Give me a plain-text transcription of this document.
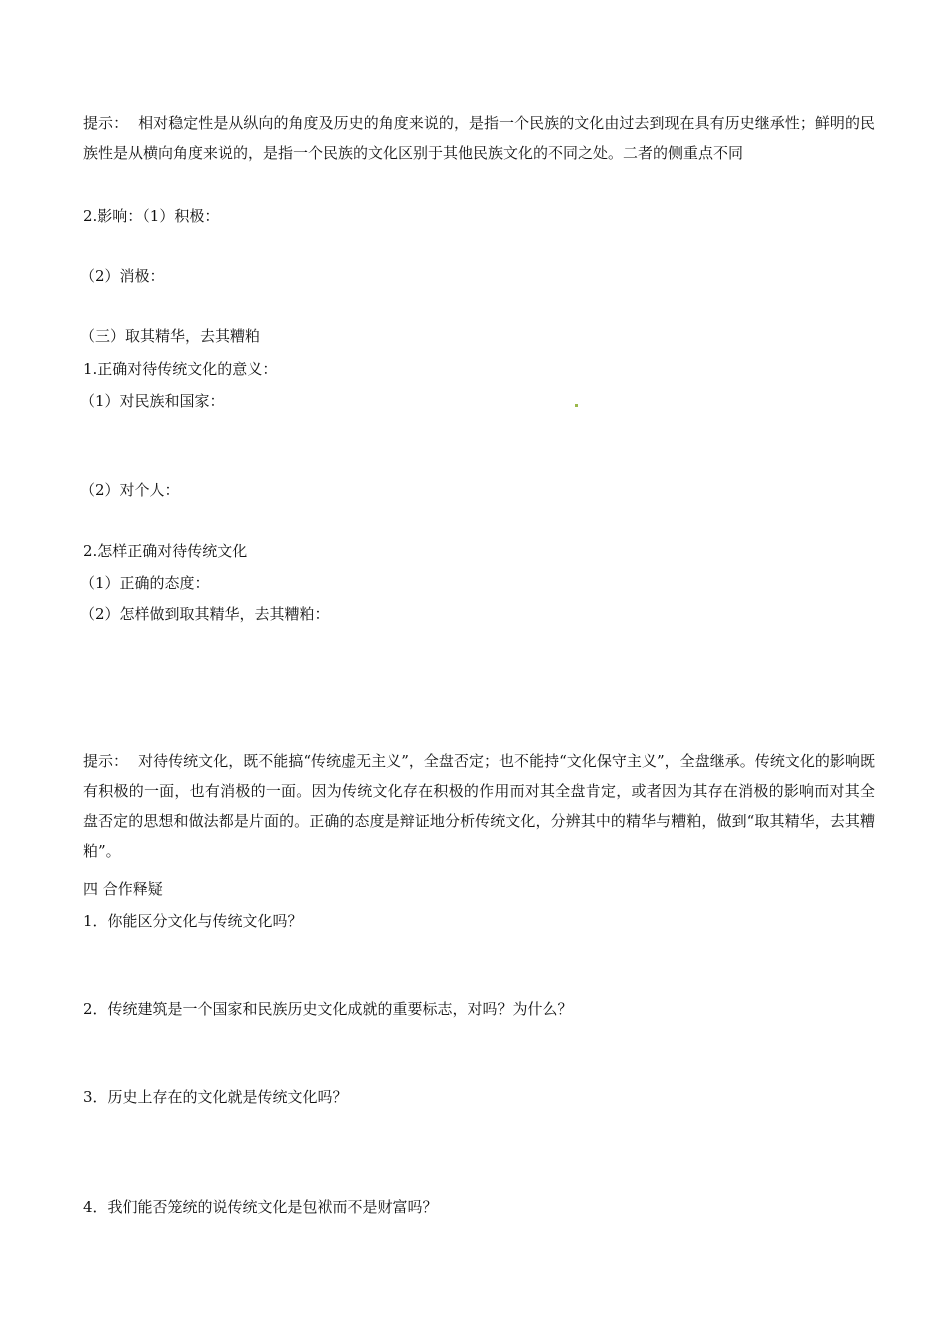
提示： 相对稳定性是从纵向的角度及历史的角度来说的，是指一个民族的文化由过去到现在具有历史继承性；鲜明的民族性是从横向角度来说的，是指一个民族的文化区别于其他民族文化的不同之处。二者的侧重点不同
2.影响：（1）积极：
（2）消极：
（三）取其精华，去其糟粕
1.正确对待传统文化的意义：
（1）对民族和国家：
（2）对个人：
2.怎样正确对待传统文化
（1）正确的态度：
（2）怎样做到取其精华，去其糟粕：
提示： 对待传统文化，既不能搞“传统虚无主义”，全盘否定；也不能持“文化保守主义”，全盘继承。传统文化的影响既有积极的一面，也有消极的一面。因为传统文化存在积极的作用而对其全盘肯定，或者因为其存在消极的影响而对其全盘否定的思想和做法都是片面的。正确的态度是辩证地分析传统文化，分辨其中的精华与糟粕，做到“取其精华，去其糟粕”。
四 合作释疑
1．你能区分文化与传统文化吗？
2．传统建筑是一个国家和民族历史文化成就的重要标志，对吗？为什么？
3．历史上存在的文化就是传统文化吗？
4．我们能否笼统的说传统文化是包袱而不是财富吗？
